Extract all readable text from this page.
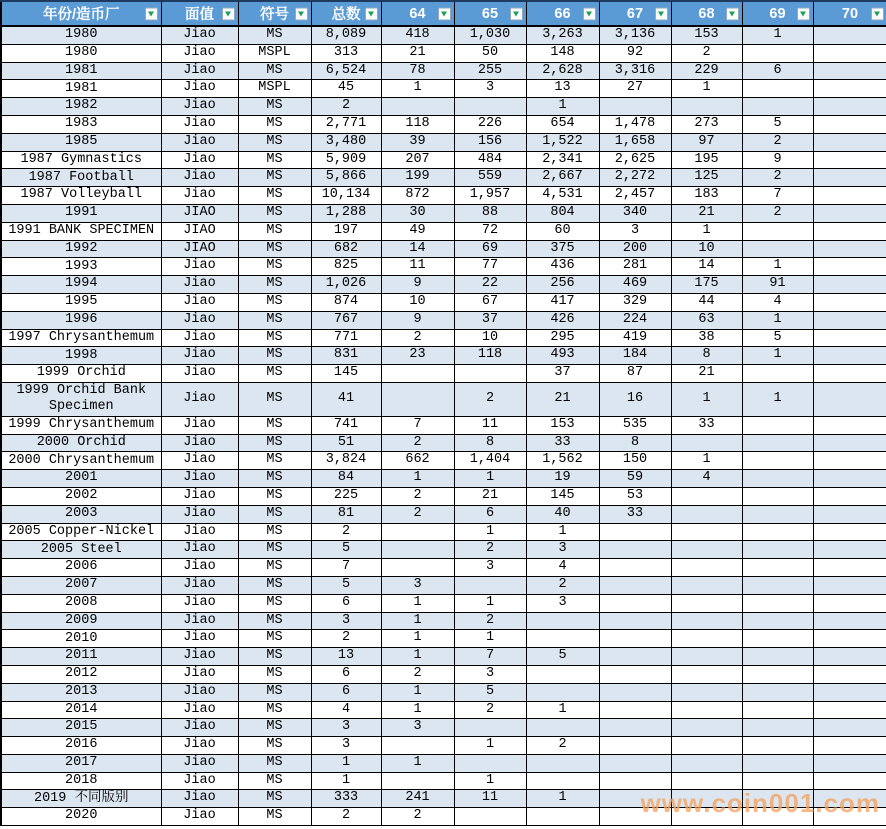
年份/造币厂	面值	符号	总数	64	65	66	67	68	69	70

1980	Jiao	MS	8,089	418	1,030	3,263	3,136	153	1	
1980	Jiao	MSPL	313	21	50	148	92	2		
1981	Jiao	MS	6,524	78	255	2,628	3,316	229	6	
1981	Jiao	MSPL	45	1	3	13	27	1		
1982	Jiao	MS	2			1				
1983	Jiao	MS	2,771	118	226	654	1,478	273	5	
1985	Jiao	MS	3,480	39	156	1,522	1,658	97	2	
1987 Gymnastics	Jiao	MS	5,909	207	484	2,341	2,625	195	9	
1987 Football	Jiao	MS	5,866	199	559	2,667	2,272	125	2	
1987 Volleyball	Jiao	MS	10,134	872	1,957	4,531	2,457	183	7	
1991	JIAO	MS	1,288	30	88	804	340	21	2	
1991 BANK SPECIMEN	JIAO	MS	197	49	72	60	3	1		
1992	JIAO	MS	682	14	69	375	200	10		
1993	Jiao	MS	825	11	77	436	281	14	1	
1994	Jiao	MS	1,026	9	22	256	469	175	91	
1995	Jiao	MS	874	10	67	417	329	44	4	
1996	Jiao	MS	767	9	37	426	224	63	1	
1997 Chrysanthemum	Jiao	MS	771	2	10	295	419	38	5	
1998	Jiao	MS	831	23	118	493	184	8	1	
1999 Orchid	Jiao	MS	145			37	87	21		
1999 Orchid Bank Specimen	Jiao	MS	41		2	21	16	1	1	
1999 Chrysanthemum	Jiao	MS	741	7	11	153	535	33		
2000 Orchid	Jiao	MS	51	2	8	33	8			
2000 Chrysanthemum	Jiao	MS	3,824	662	1,404	1,562	150	1		
2001	Jiao	MS	84	1	1	19	59	4		
2002	Jiao	MS	225	2	21	145	53			
2003	Jiao	MS	81	2	6	40	33			
2005 Copper-Nickel	Jiao	MS	2		1	1				
2005 Steel	Jiao	MS	5		2	3				
2006	Jiao	MS	7		3	4				
2007	Jiao	MS	5	3		2				
2008	Jiao	MS	6	1	1	3				
2009	Jiao	MS	3	1	2					
2010	Jiao	MS	2	1	1					
2011	Jiao	MS	13	1	7	5				
2012	Jiao	MS	6	2	3					
2013	Jiao	MS	6	1	5					
2014	Jiao	MS	4	1	2	1				
2015	Jiao	MS	3	3						
2016	Jiao	MS	3		1	2				
2017	Jiao	MS	1	1						
2018	Jiao	MS	1		1					
2019 不同版别	Jiao	MS	333	241	11	1				
2020	Jiao	MS	2	2							www.coin001.com
